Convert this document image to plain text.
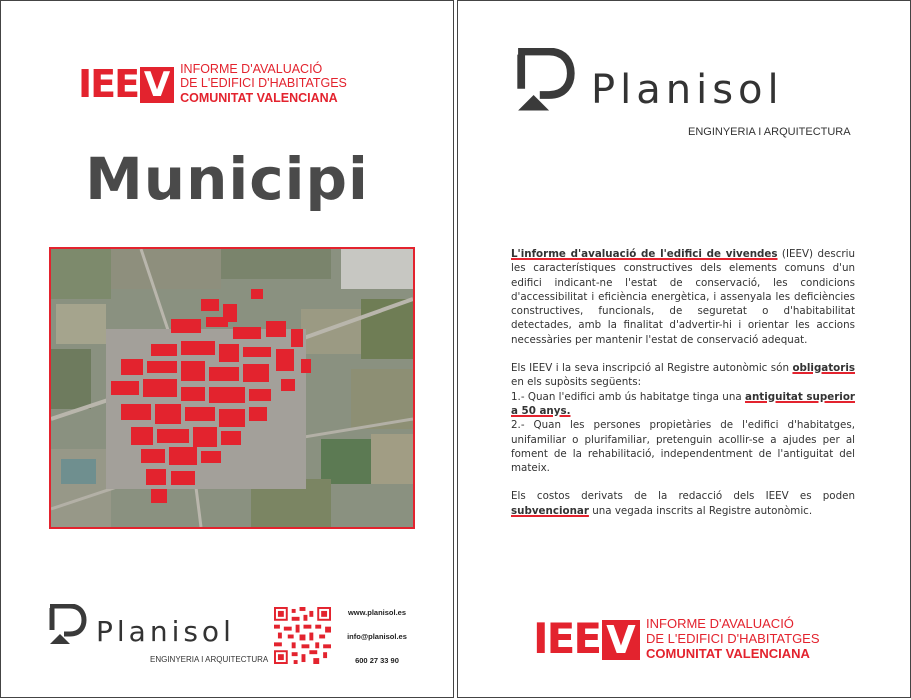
IEE V INFORME D'AVALUACIÓ
DE L'EDIFICI D'HABITATGES
COMUNITAT VALENCIANA
Municipi
Planisol
ENGINYERIA I ARQUITECTURA
www.planisol.es
info@planisol.es
600 27 33 90
Planisol
ENGINYERIA I ARQUITECTURA

L'informe d'avaluació de l'edifici de vivendes (IEEV) descriu les característiques constructives dels elements comuns d'un edifici indicant-ne l'estat de conservació, les condicions d'accessibilitat i eficiència energètica, i assenyala les deficiències constructives, funcionals, de seguretat o d'habitabilitat detectades, amb la finalitat d'advertir-hi i orientar les accions necessàries per mantenir l'estat de conservació adequat.

Els IEEV i la seva inscripció al Registre autonòmic són obligatoris en els supòsits següents:
1.- Quan l'edifici amb ús habitatge tinga una antiguitat superior a 50 anys.
2.- Quan les persones propietàries de l'edifici d'habitatges, unifamiliar o plurifamiliar, pretenguin acollir-se a ajudes per al foment de la rehabilitació, independentment de l'antiguitat del mateix.

Els costos derivats de la redacció dels IEEV es poden subvencionar una vegada inscrits al Registre autonòmic.

IEE V INFORME D'AVALUACIÓ
DE L'EDIFICI D'HABITATGES
COMUNITAT VALENCIANA
